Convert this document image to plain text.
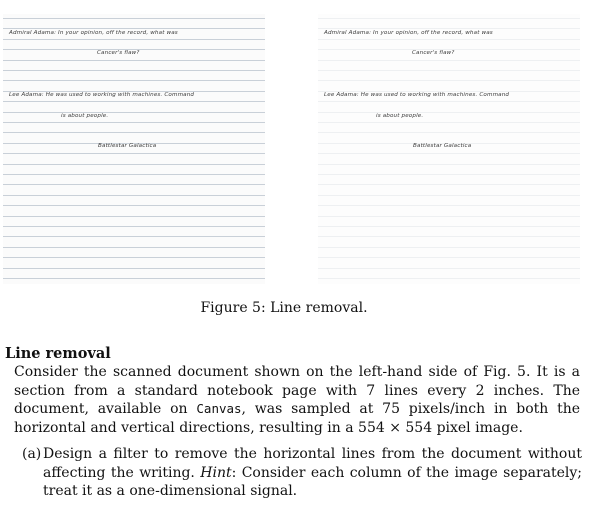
Admiral Adama: In your opinion, off the record, what was
Cancer's flaw?
Lee Adama: He was used to working with machines. Command
is about people.
Battlestar Galactica
Admiral Adama: In your opinion, off the record, what was
Cancer's flaw?
Lee Adama: He was used to working with machines. Command
is about people.
Battlestar Galactica
Figure 5: Line removal.
Line removal
Consider the scanned document shown on the left-hand side of Fig. 5. It is a section from a standard notebook page with 7 lines every 2 inches. The document, available on Canvas, was sampled at 75 pixels/inch in both the horizontal and vertical directions, resulting in a 554 × 554 pixel image.
(a) Design a filter to remove the horizontal lines from the document without affecting the writing. Hint: Consider each column of the image separately; treat it as a one-dimensional signal.
